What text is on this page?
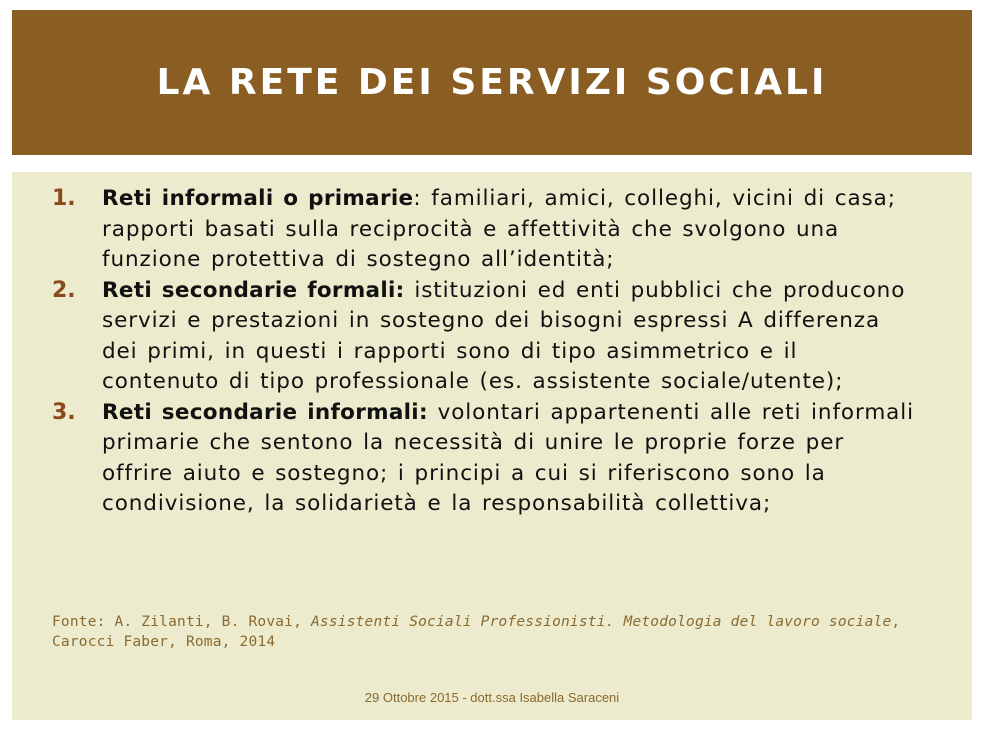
LA RETE DEI SERVIZI SOCIALI
1.	Reti informali o primarie: familiari, amici, colleghi, vicini di casa; rapporti basati sulla reciprocità e affettività che svolgono una funzione protettiva di sostegno all’identità;
2.	Reti secondarie formali: istituzioni ed enti pubblici che producono servizi e prestazioni in sostegno dei bisogni espressi A differenza dei primi, in questi i rapporti sono di tipo asimmetrico e il contenuto di tipo professionale (es. assistente sociale/utente);
3.	Reti secondarie informali: volontari appartenenti alle reti informali primarie che sentono la necessità di unire le proprie forze per offrire aiuto e sostegno; i principi a cui si riferiscono sono la condivisione, la solidarietà e la responsabilità collettiva;
Fonte: A. Zilanti, B. Rovai, Assistenti Sociali Professionisti. Metodologia del lavoro sociale, Carocci Faber, Roma, 2014
29 Ottobre 2015 - dott.ssa Isabella Saraceni
